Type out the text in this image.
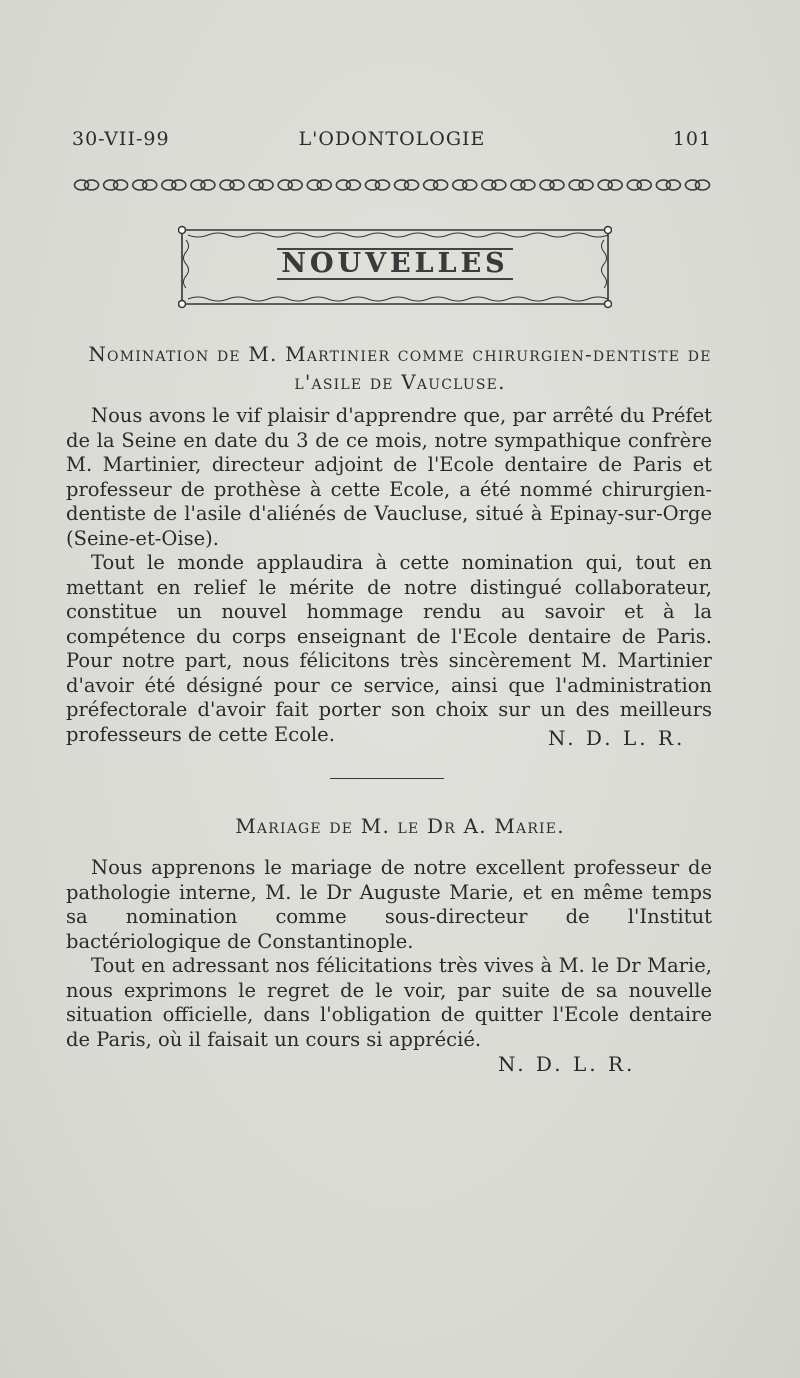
30-VII-99	L'ODONTOLOGIE	101
NOUVELLES
Nomination de M. Martinier comme chirurgien-dentiste de
l'asile de Vaucluse.

Nous avons le vif plaisir d'apprendre que, par arrêté du Préfet de la Seine en date du 3 de ce mois, notre sympathique confrère M. Martinier, directeur adjoint de l'Ecole dentaire de Paris et professeur de prothèse à cette Ecole, a été nommé chirurgien-dentiste de l'asile d'aliénés de Vaucluse, situé à Epinay-sur-Orge (Seine-et-Oise).

Tout le monde applaudira à cette nomination qui, tout en mettant en relief le mérite de notre distingué collaborateur, constitue un nouvel hommage rendu au savoir et à la compétence du corps enseignant de l'Ecole dentaire de Paris. Pour notre part, nous félicitons très sincèrement M. Martinier d'avoir été désigné pour ce service, ainsi que l'administration préfectorale d'avoir fait porter son choix sur un des meilleurs professeurs de cette Ecole.	N. D. L. R.
Mariage de M. le Dr A. Marie.

Nous apprenons le mariage de notre excellent professeur de pathologie interne, M. le Dr Auguste Marie, et en même temps sa nomination comme sous-directeur de l'Institut bactériologique de Constantinople.

Tout en adressant nos félicitations très vives à M. le Dr Marie, nous exprimons le regret de le voir, par suite de sa nouvelle situation officielle, dans l'obligation de quitter l'Ecole dentaire de Paris, où il faisait un cours si apprécié.

N. D. L. R.
